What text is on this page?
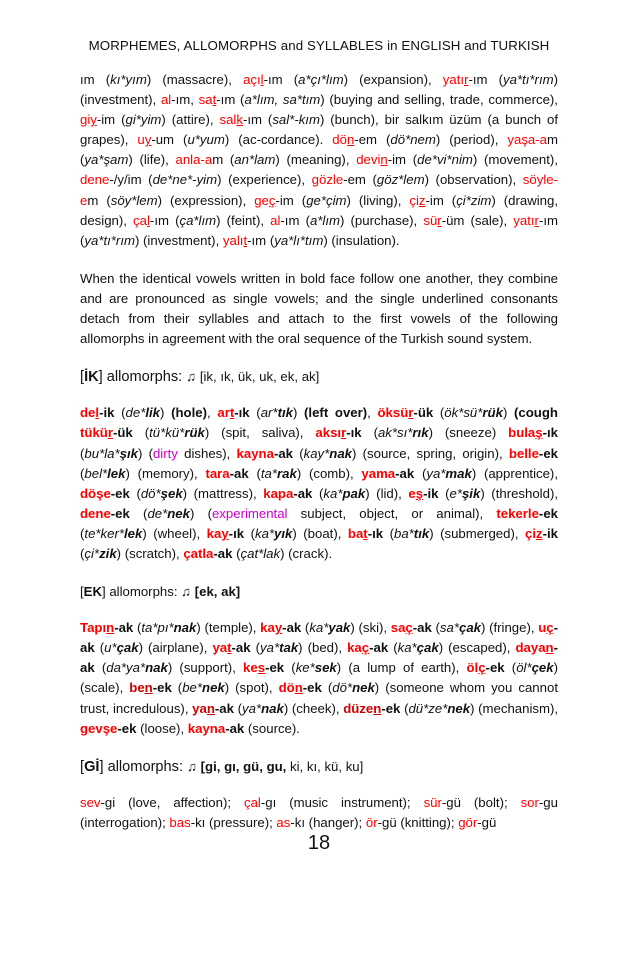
MORPHEMES, ALLOMORPHS and SYLLABLES in ENGLISH and TURKISH

ım (kı*yım) (massacre), açıl-ım (a*çı*lım) (expansion), yatır-ım (ya*tı*rım) (investment), al-ım, sat-ım (a*lım, sa*tım) (buying and selling, trade, commerce), giy-im (gi*yim) (attire), salk-ım (sal*-kım) (bunch), bir salkım üzüm (a bunch of grapes), uy-um (u*yum) (ac-cordance). dön-em (dö*nem) (period), yaşa-am (ya*şam) (life), anla-am (an*lam) (meaning), devin-im (de*vi*nim) (movement), dene-/y/im (de*ne*-yim) (experience), gözle-em (göz*lem) (observation), söyle-em (söy*lem) (expression), geç-im (ge*çim) (living), çiz-im (çi*zim) (drawing, design), çal-ım (ça*lım) (feint), al-ım (a*lım) (purchase), sür-üm (sale), yatır-ım (ya*tı*rım) (investment), yalıt-ım (ya*lı*tım) (insulation).

When the identical vowels written in bold face follow one another, they combine and are pronounced as single vowels; and the single underlined consonants detach from their syllables and attach to the first vowels of the following allomorphs in agreement with the oral sequence of the Turkish sound system.

[İK] allomorphs: ♫ [ik, ık, ük, uk, ek, ak]

del-ik (de*lik) (hole), art-ık (ar*tık) (left over), öksür-ük (ök*sü*rük) (cough tükür-ük (tü*kü*rük) (spit, saliva), aksır-ık (ak*sı*rık) (sneeze) bulaş-ık (bu*la*şık) (dirty dishes), kayna-ak (kay*nak) (source, spring, origin), belle-ek (bel*lek) (memory), tara-ak (ta*rak) (comb), yama-ak (ya*mak) (apprentice), döşe-ek (dö*şek) (mattress), kapa-ak (ka*pak) (lid), eş-ik (e*şik) (threshold), dene-ek (de*nek) (experimental subject, object, or animal), tekerle-ek (te*ker*lek) (wheel), kay-ık (ka*yık) (boat), bat-ık (ba*tık) (submerged), çiz-ik (çi*zik) (scratch), çatla-ak (çat*lak) (crack).

[EK] allomorphs: ♫ [ek, ak]

Tapın-ak (ta*pı*nak) (temple), kay-ak (ka*yak) (ski), saç-ak (sa*çak) (fringe), uç-ak (u*çak) (airplane), yat-ak (ya*tak) (bed), kaç-ak (ka*çak) (escaped), dayan-ak (da*ya*nak) (support), kes-ek (ke*sek) (a lump of earth), ölç-ek (öl*çek) (scale), ben-ek (be*nek) (spot), dön-ek (dö*nek) (someone whom you cannot trust, incredulous), yan-ak (ya*nak) (cheek), düzen-ek (dü*ze*nek) (mechanism), gevşe-ek (loose), kayna-ak (source).

[Gİ] allomorphs: ♫ [gi, gı, gü, gu, ki, kı, kü, ku]

sev-gi (love, affection); çal-gı (music instrument); sür-gü (bolt); sor-gu (interrogation); bas-kı (pressure); as-kı (hanger); ör-gü (knitting); gör-gü

18
